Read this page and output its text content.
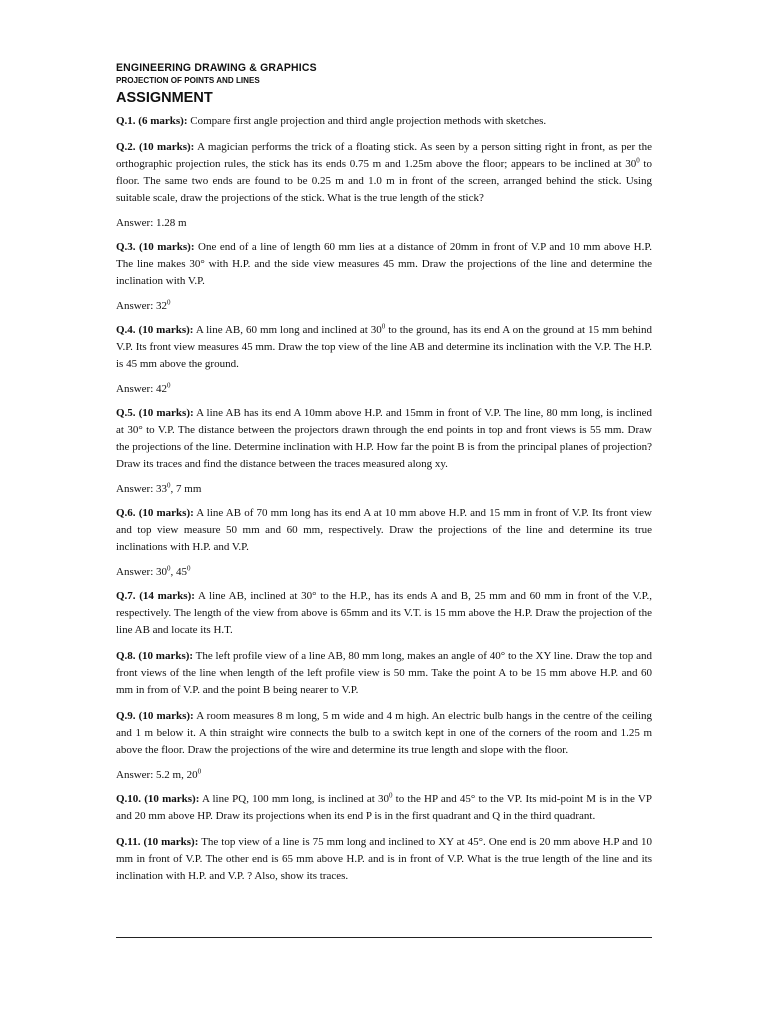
ENGINEERING DRAWING & GRAPHICS

PROJECTION OF POINTS AND LINES

ASSIGNMENT

Q.1. (6 marks): Compare first angle projection and third angle projection methods with sketches.

Q.2. (10 marks): A magician performs the trick of a floating stick. As seen by a person sitting right in front, as per the orthographic projection rules, the stick has its ends 0.75 m and 1.25m above the floor; appears to be inclined at $30^0$ to floor. The same two ends are found to be 0.25 m and 1.0 m in front of the screen, arranged behind the stick. Using suitable scale, draw the projections of the stick. What is the true length of the stick?

Answer: 1.28 m

Q.3. (10 marks): One end of a line of length 60 mm lies at a distance of 20mm in front of V.P and 10 mm above H.P. The line makes 30° with H.P. and the side view measures 45 mm. Draw the projections of the line and determine the inclination with V.P.

Answer: $32^0$

Q.4. (10 marks): A line AB, 60 mm long and inclined at $30^0$ to the ground, has its end A on the ground at 15 mm behind V.P. Its front view measures 45 mm. Draw the top view of the line AB and determine its inclination with the V.P. The H.P. is 45 mm above the ground.

Answer: $42^0$

Q.5. (10 marks): A line AB has its end A 10mm above H.P. and 15mm in front of V.P. The line, 80 mm long, is inclined at 30° to V.P. The distance between the projectors drawn through the end points in top and front views is 55 mm. Draw the projections of the line. Determine inclination with H.P. How far the point B is from the principal planes of projection? Draw its traces and find the distance between the traces measured along xy.

Answer: $33^0$, 7 mm

Q.6. (10 marks): A line AB of 70 mm long has its end A at 10 mm above H.P. and 15 mm in front of V.P. Its front view and top view measure 50 mm and 60 mm, respectively. Draw the projections of the line and determine its true inclinations with H.P. and V.P.

Answer: $30^0$, $45^0$

Q.7. (14 marks): A line AB, inclined at 30° to the H.P., has its ends A and B, 25 mm and 60 mm in front of the V.P., respectively. The length of the view from above is 65mm and its V.T. is 15 mm above the H.P. Draw the projection of the line AB and locate its H.T.

Q.8. (10 marks): The left profile view of a line AB, 80 mm long, makes an angle of 40° to the XY line. Draw the top and front views of the line when length of the left profile view is 50 mm. Take the point A to be 15 mm above H.P. and 60 mm in from of V.P. and the point B being nearer to V.P.

Q.9. (10 marks): A room measures 8 m long, 5 m wide and 4 m high. An electric bulb hangs in the centre of the ceiling and 1 m below it. A thin straight wire connects the bulb to a switch kept in one of the corners of the room and 1.25 m above the floor. Draw the projections of the wire and determine its true length and slope with the floor.

Answer: 5.2 m, $20^0$

Q.10. (10 marks): A line PQ, 100 mm long, is inclined at $30^0$ to the HP and 45° to the VP. Its mid-point M is in the VP and 20 mm above HP. Draw its projections when its end P is in the first quadrant and Q in the third quadrant.

Q.11. (10 marks): The top view of a line is 75 mm long and inclined to XY at 45°. One end is 20 mm above H.P and 10 mm in front of V.P. The other end is 65 mm above H.P. and is in front of V.P. What is the true length of the line and its inclination with H.P. and V.P. ? Also, show its traces.
